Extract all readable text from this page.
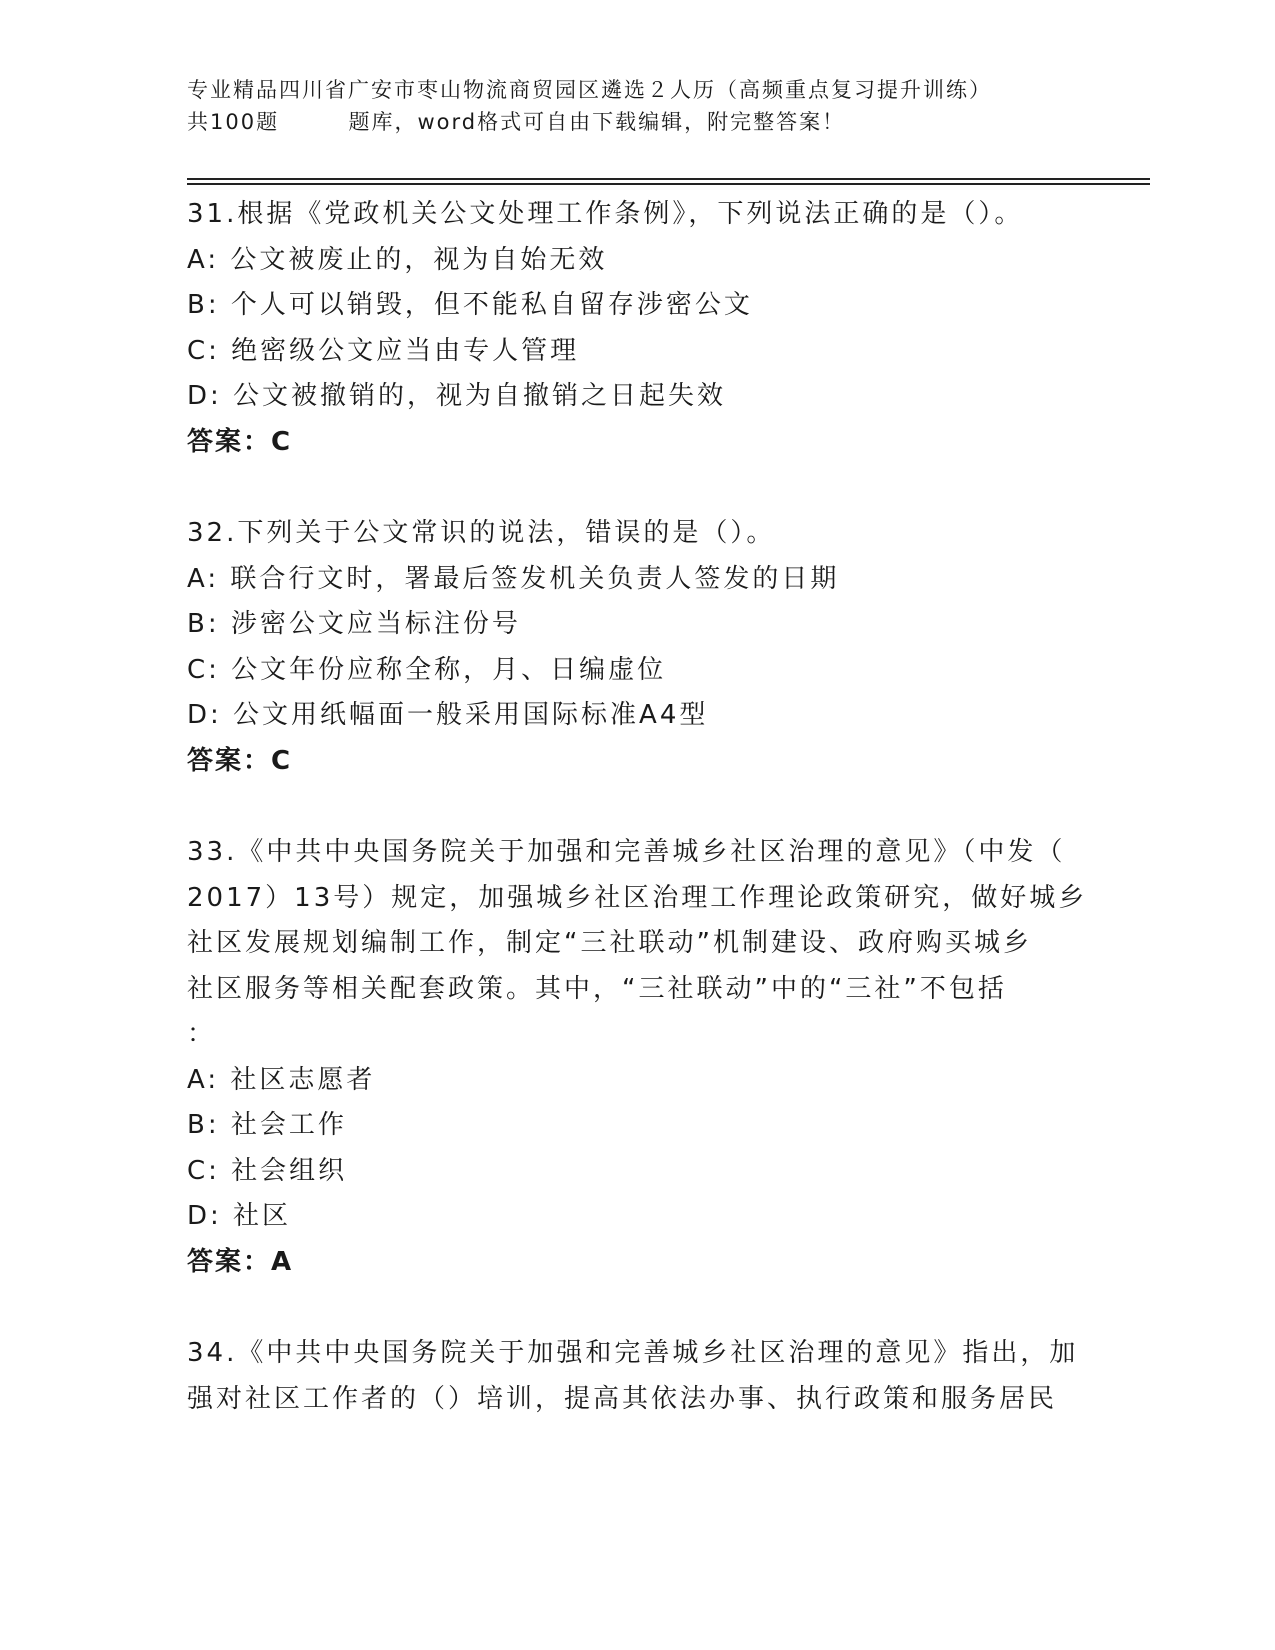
专业精品四川省广安市枣山物流商贸园区遴选２人历（高频重点复习提升训练）
共100题        题库，word格式可自由下载编辑，附完整答案！
31.根据《党政机关公文处理工作条例》，下列说法正确的是（）。
A: 公文被废止的，视为自始无效
B: 个人可以销毁，但不能私自留存涉密公文
C: 绝密级公文应当由专人管理
D: 公文被撤销的，视为自撤销之日起失效
答案：C
32.下列关于公文常识的说法，错误的是（）。
A: 联合行文时，署最后签发机关负责人签发的日期
B: 涉密公文应当标注份号
C: 公文年份应称全称，月、日编虚位
D: 公文用纸幅面一般采用国际标准A4型
答案：C
33.《中共中央国务院关于加强和完善城乡社区治理的意见》（中发（
2017）13号）规定，加强城乡社区治理工作理论政策研究，做好城乡
社区发展规划编制工作，制定“三社联动”机制建设、政府购买城乡
社区服务等相关配套政策。其中，“三社联动”中的“三社”不包括
：
A: 社区志愿者
B: 社会工作
C: 社会组织
D: 社区
答案：A
34.《中共中央国务院关于加强和完善城乡社区治理的意见》指出，加
强对社区工作者的（）培训，提高其依法办事、执行政策和服务居民
